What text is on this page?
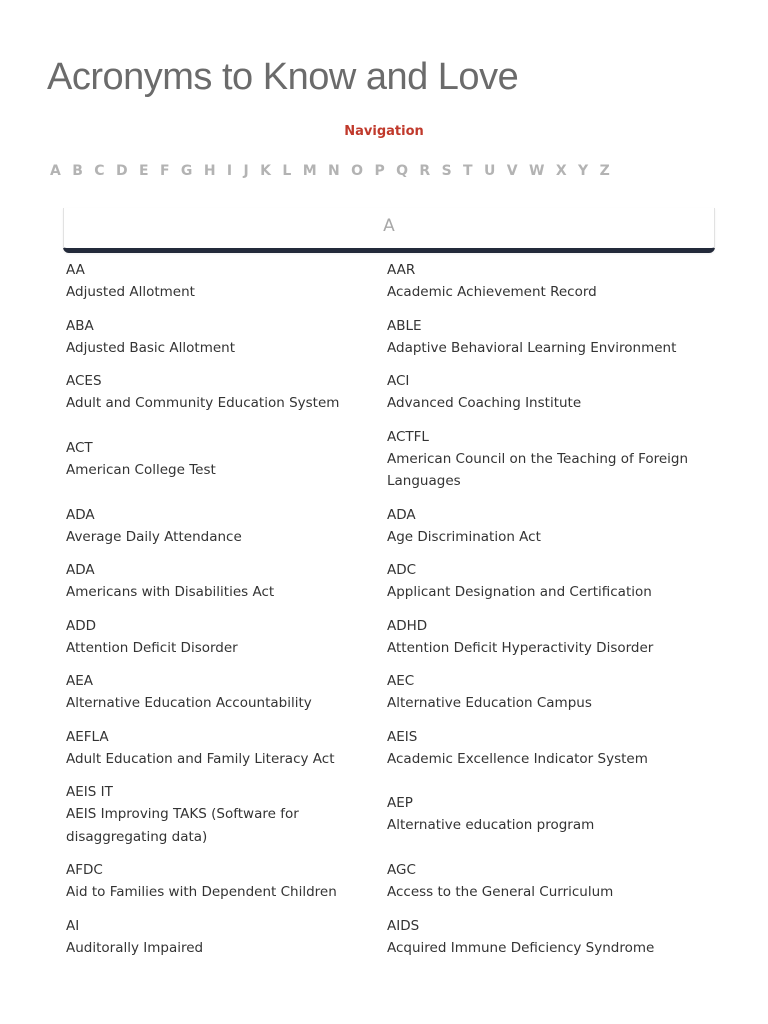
Acronyms to Know and Love
Navigation
A B C D E F G H I J K L M N O P Q R S T U V W X Y Z
A
AA
Adjusted Allotment
AAR
Academic Achievement Record
ABA
Adjusted Basic Allotment
ABLE
Adaptive Behavioral Learning Environment
ACES
Adult and Community Education System
ACI
Advanced Coaching Institute
ACT
American College Test
ACTFL
American Council on the Teaching of Foreign Languages
ADA
Average Daily Attendance
ADA
Age Discrimination Act
ADA
Americans with Disabilities Act
ADC
Applicant Designation and Certification
ADD
Attention Deficit Disorder
ADHD
Attention Deficit Hyperactivity Disorder
AEA
Alternative Education Accountability
AEC
Alternative Education Campus
AEFLA
Adult Education and Family Literacy Act
AEIS
Academic Excellence Indicator System
AEIS IT
AEIS Improving TAKS (Software for disaggregating data)
AEP
Alternative education program
AFDC
Aid to Families with Dependent Children
AGC
Access to the General Curriculum
AI
Auditorally Impaired
AIDS
Acquired Immune Deficiency Syndrome
